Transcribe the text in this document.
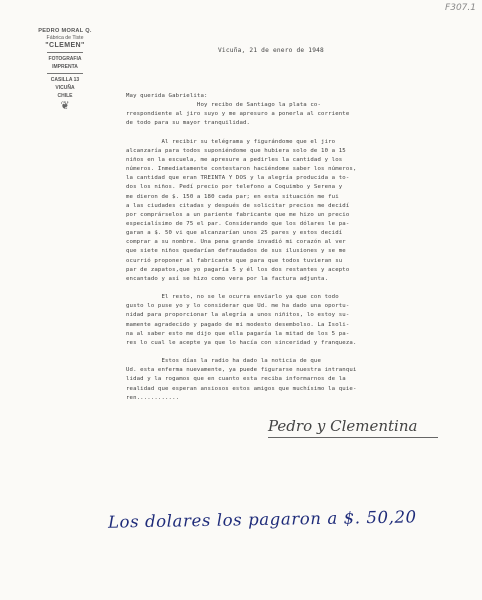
F307.1
PEDRO MORAL Q.
Fábrica de Tiste
"CLEMEN"
FOTOGRAFIA
IMPRENTA
CASILLA 13
VICUÑA
CHILE
❦
Vicuña, 21 de enero de 1948
May querida Gabrielita:
Hoy recibo de Santiago la plata co-
rrespondiente al jiro suyo y me apresuro a ponerla al corriente
de todo para su mayor tranquilidad.
Al recibir su telégrama y figurándome que el jiro
alcanzaría para todos suponiéndome que hubiera solo de 10 a 15
niños en la escuela, me apresure a pedirles la cantidad y los
números. Inmediatamente contestaron haciéndome saber los números,
la cantidad que eran TREINTA Y DOS y la alegría producida a to-
dos los niños. Pedí precio por telefono a Coquimbo y Serena y
me dieron de $. 150 a 180 cada par; en esta situación me fui
a las ciudades citadas y después de solicitar precios me decidí
por comprárselos a un pariente fabricante que me hizo un precio
especialísimo de 75 el par. Considerando que los dólares le pa-
garan a $. 50 vi que alcanzarían unos 25 pares y estos decidí
comprar a su nombre. Una pena grande invadió mi corazón al ver
que siete niños quedarían defraudados de sus ilusiones y se me
ocurrió proponer al fabricante que para que todos tuvieran su
par de zapatos,que yo pagaría 5 y él los dos restantes y acepto
encantado y así se hizo como vera por la factura adjunta.
El resto, no se le ocurra enviarlo ya que con todo
gusto lo puse yo y lo considerar que Ud. me ha dado una oportu-
nidad para proporcionar la alegría a unos niñitos, lo estoy su-
mamente agradecido y pagado de mi modesto desembolso. La Isoli-
na al saber esto me dijo que ella pagaría la mitad de los 5 pa-
res lo cual le acepte ya que lo hacía con sinceridad y franqueza.
Estos días la radio ha dado la noticia de que
Ud. esta enferma nuevamente, ya puede figurarse nuestra intranqui
lidad y la rogamos que en cuanto esta reciba informarnos de la
realidad que esperan ansiosos estos amigos que muchísimo la quie-
ren............
Pedro y Clementina
Los dolares los pagaron a $. 50,20
